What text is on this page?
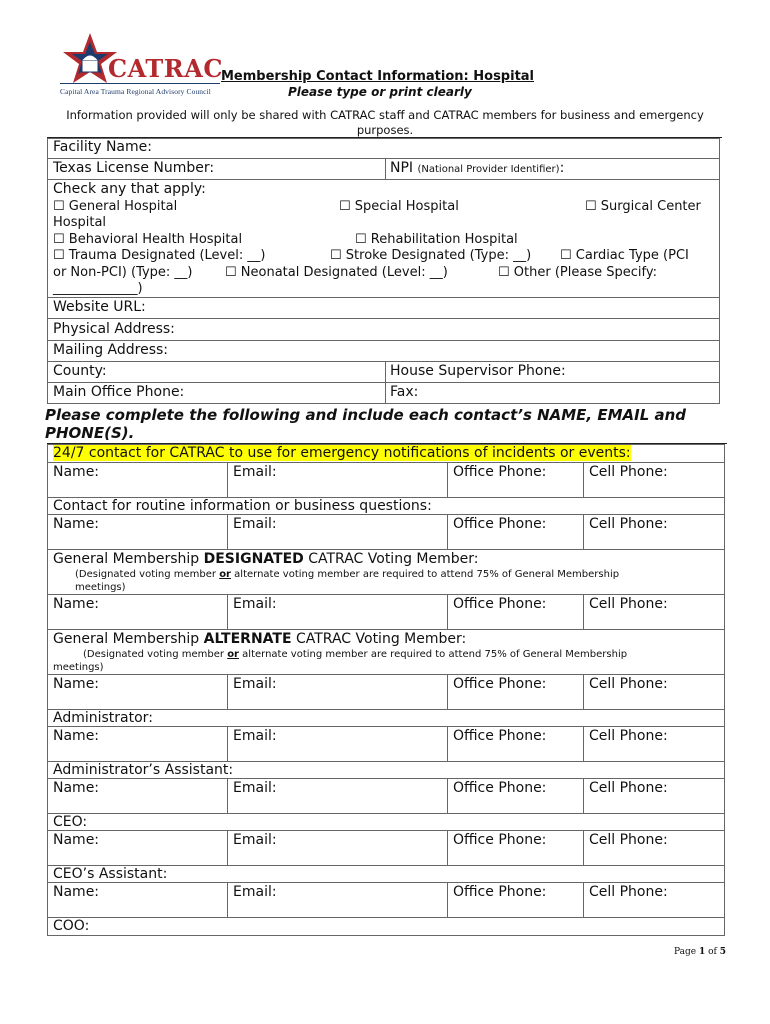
CATRAC
Capital Area Trauma Regional Advisory Council
Membership Contact Information: Hospital
Please type or print clearly
Information provided will only be shared with CATRAC staff and CATRAC members for business and emergency purposes.
Facility Name:
Texas License Number:	NPI (National Provider Identifier):
Check any that apply:
☐ General Hospital
Hospital
☐ Special Hospital	☐ Surgical Center
☐ Behavioral Health Hospital	☐ Rehabilitation Hospital
☐ Trauma Designated (Level: __)	☐ Stroke Designated (Type: __) ☐ Cardiac Type (PCI
or Non-PCI) (Type: __) ☐ Neonatal Designated (Level: __)	☐ Other (Please Specify:
_____________)
Website URL:
Physical Address:
Mailing Address:
County:	House Supervisor Phone:
Main Office Phone:	Fax:
Please complete the following and include each contact’s NAME, EMAIL and
PHONE(S).
24/7 contact for CATRAC to use for emergency notifications of incidents or events:
Name:	Email:	Office Phone:	Cell Phone:
Contact for routine information or business questions:
Name:	Email:	Office Phone:	Cell Phone:
General Membership DESIGNATED CATRAC Voting Member:
(Designated voting member or alternate voting member are required to attend 75% of General Membership
meetings)
Name:	Email:	Office Phone:	Cell Phone:
General Membership ALTERNATE CATRAC Voting Member:
(Designated voting member or alternate voting member are required to attend 75% of General Membership
meetings)
Name:	Email:	Office Phone:	Cell Phone:
Administrator:
Name:	Email:	Office Phone:	Cell Phone:
Administrator’s Assistant:
Name:	Email:	Office Phone:	Cell Phone:
CEO:
Name:	Email:	Office Phone:	Cell Phone:
CEO’s Assistant:
Name:	Email:	Office Phone:	Cell Phone:
COO:
Page 1 of 5
